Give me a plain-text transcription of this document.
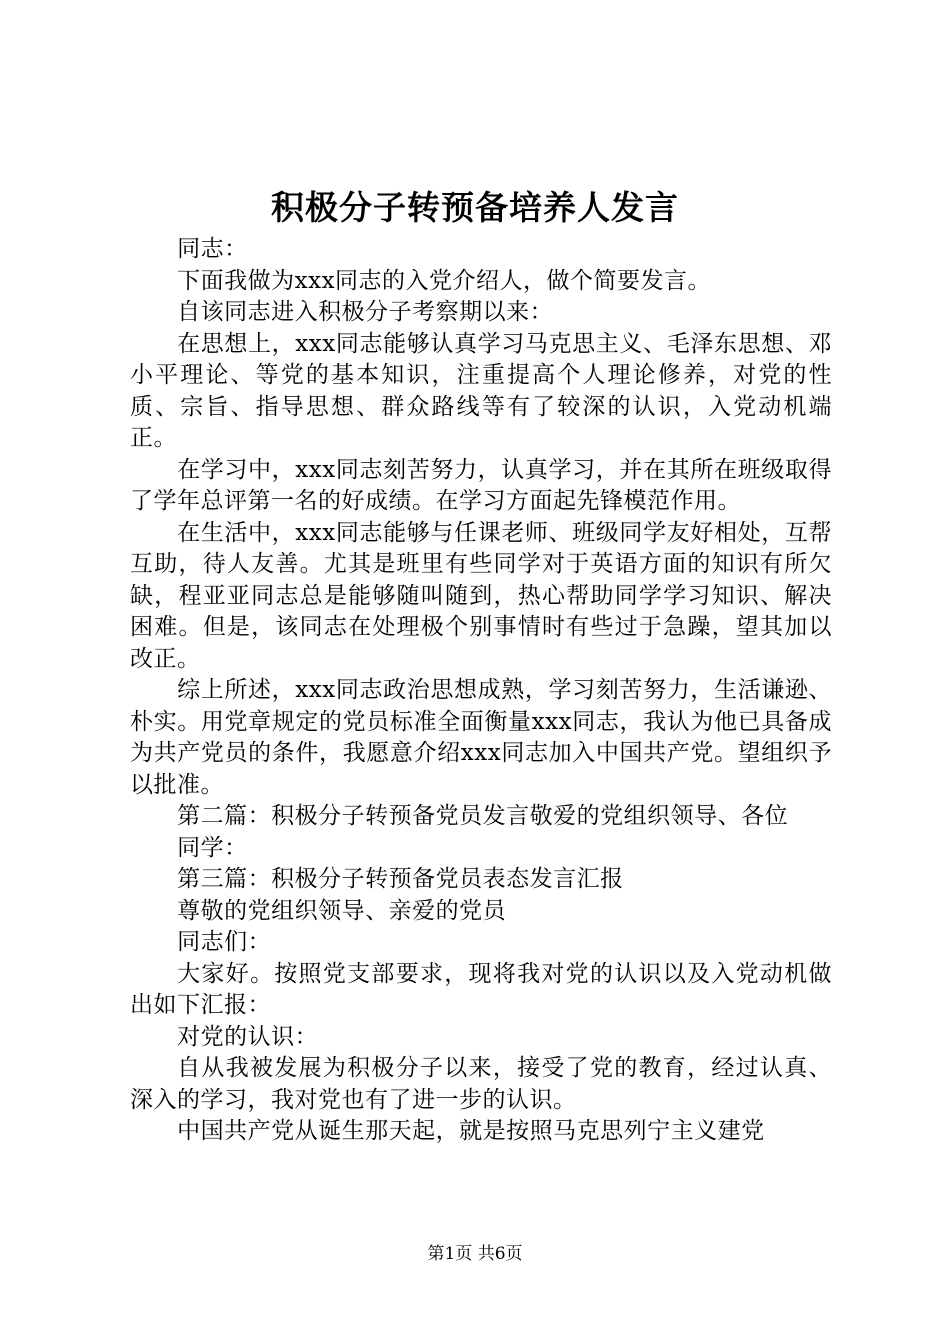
积极分子转预备培养人发言

同志：

下面我做为xxx同志的入党介绍人，做个简要发言。

自该同志进入积极分子考察期以来：

在思想上，xxx同志能够认真学习马克思主义、毛泽东思想、邓小平理论、等党的基本知识，注重提高个人理论修养，对党的性质、宗旨、指导思想、群众路线等有了较深的认识，入党动机端正。

在学习中，xxx同志刻苦努力，认真学习，并在其所在班级取得了学年总评第一名的好成绩。在学习方面起先锋模范作用。

在生活中，xxx同志能够与任课老师、班级同学友好相处，互帮互助，待人友善。尤其是班里有些同学对于英语方面的知识有所欠缺，程亚亚同志总是能够随叫随到，热心帮助同学学习知识、解决困难。但是，该同志在处理极个别事情时有些过于急躁，望其加以改正。

综上所述，xxx同志政治思想成熟，学习刻苦努力，生活谦逊、朴实。用党章规定的党员标准全面衡量xxx同志，我认为他已具备成为共产党员的条件，我愿意介绍xxx同志加入中国共产党。望组织予以批准。

第二篇：积极分子转预备党员发言敬爱的党组织领导、各位

同学：

第三篇：积极分子转预备党员表态发言汇报

尊敬的党组织领导、亲爱的党员

同志们：

大家好。按照党支部要求，现将我对党的认识以及入党动机做出如下汇报：

对党的认识：

自从我被发展为积极分子以来，接受了党的教育，经过认真、深入的学习，我对党也有了进一步的认识。

中国共产党从诞生那天起，就是按照马克思列宁主义建党

第1页 共6页
